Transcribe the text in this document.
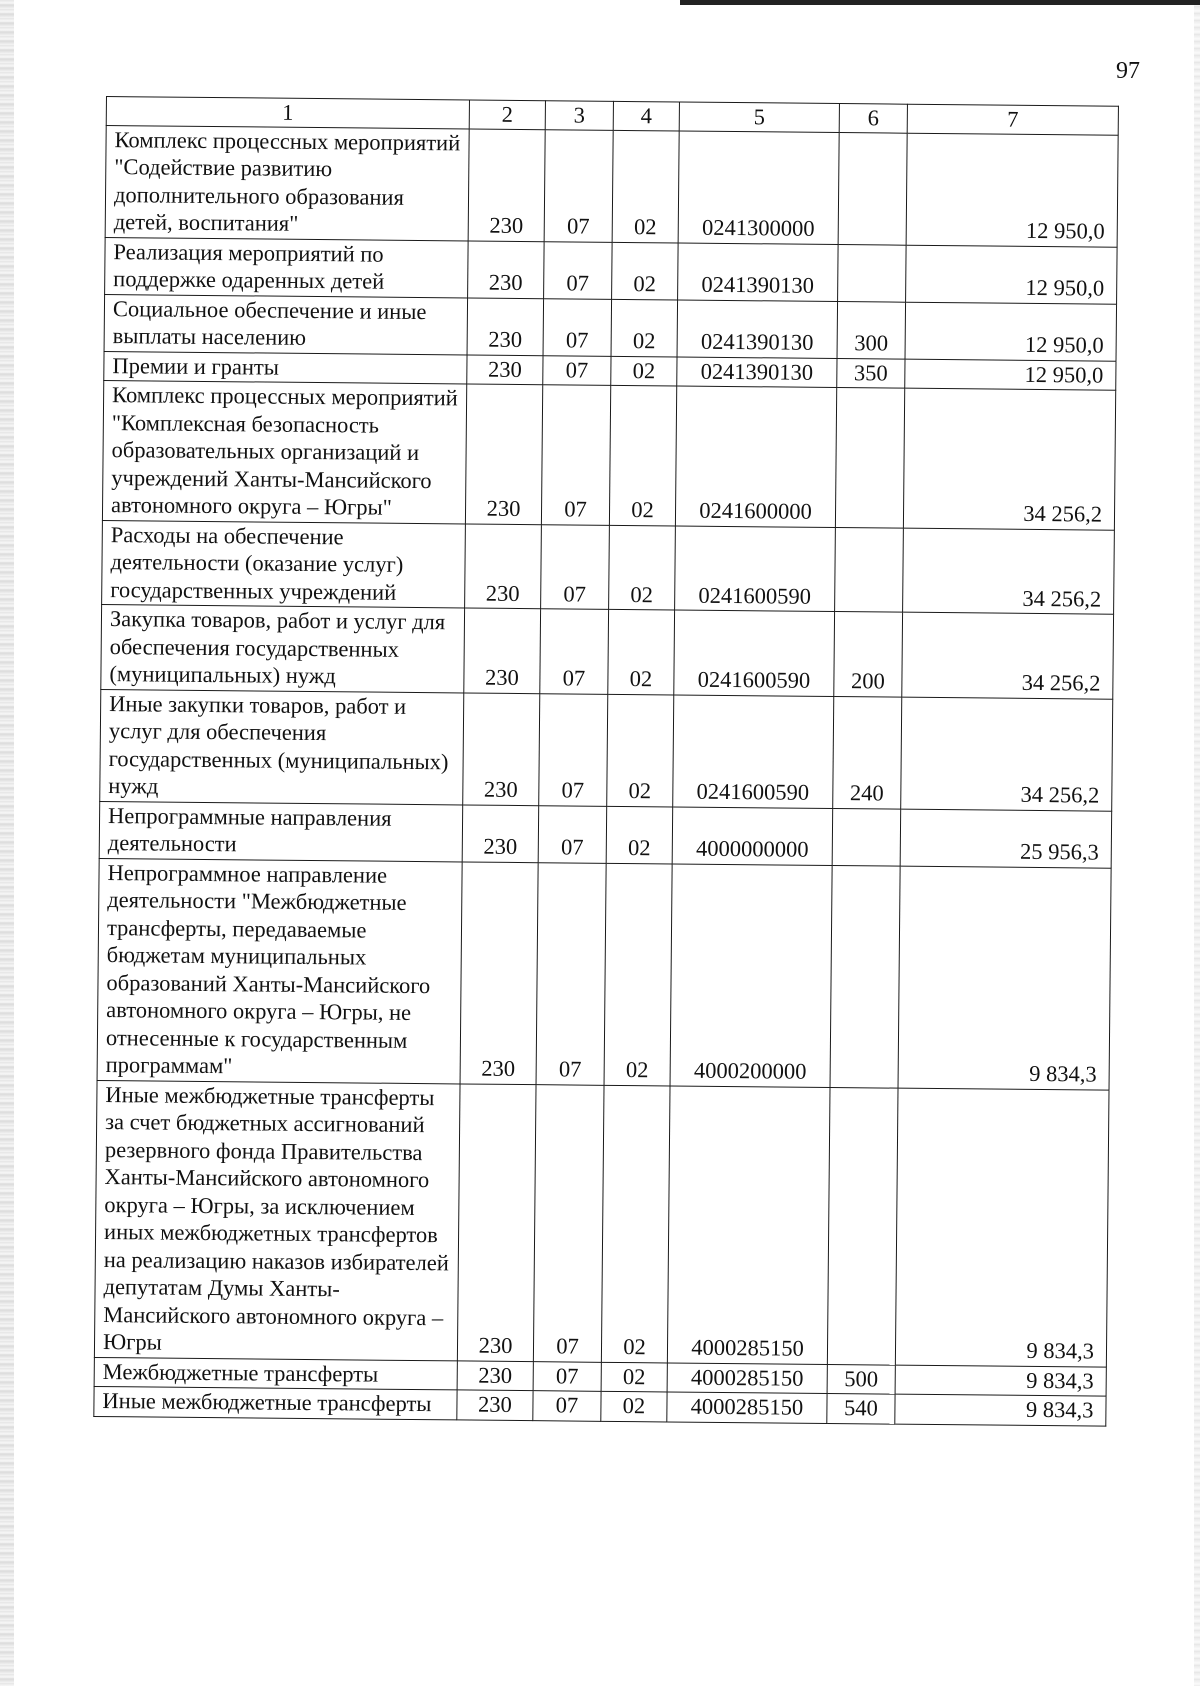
97
1	2	3	4	5	6	7
Комплекс процессных мероприятий "Содействие развитию дополнительного образования детей, воспитания"	230	07	02	0241300000		12 950,0
Реализация мероприятий по поддержке одаренных детей	230	07	02	0241390130		12 950,0
Социальное обеспечение и иные выплаты населению	230	07	02	0241390130	300	12 950,0
Премии и гранты	230	07	02	0241390130	350	12 950,0
Комплекс процессных мероприятий "Комплексная безопасность образовательных организаций и учреждений Ханты-Мансийского автономного округа – Югры"	230	07	02	0241600000		34 256,2
Расходы на обеспечение деятельности (оказание услуг) государственных учреждений	230	07	02	0241600590		34 256,2
Закупка товаров, работ и услуг для обеспечения государственных (муниципальных) нужд	230	07	02	0241600590	200	34 256,2
Иные закупки товаров, работ и услуг для обеспечения государственных (муниципальных) нужд	230	07	02	0241600590	240	34 256,2
Непрограммные направления деятельности	230	07	02	4000000000		25 956,3
Непрограммное направление деятельности "Межбюджетные трансферты, передаваемые бюджетам муниципальных образований Ханты-Мансийского автономного округа – Югры, не отнесенные к государственным программам"	230	07	02	4000200000		9 834,3
Иные межбюджетные трансферты за счет бюджетных ассигнований резервного фонда Правительства Ханты-Мансийского автономного округа – Югры, за исключением иных межбюджетных трансфертов на реализацию наказов избирателей депутатам Думы Ханты-Мансийского автономного округа – Югры	230	07	02	4000285150		9 834,3
Межбюджетные трансферты	230	07	02	4000285150	500	9 834,3
Иные межбюджетные трансферты	230	07	02	4000285150	540	9 834,3
